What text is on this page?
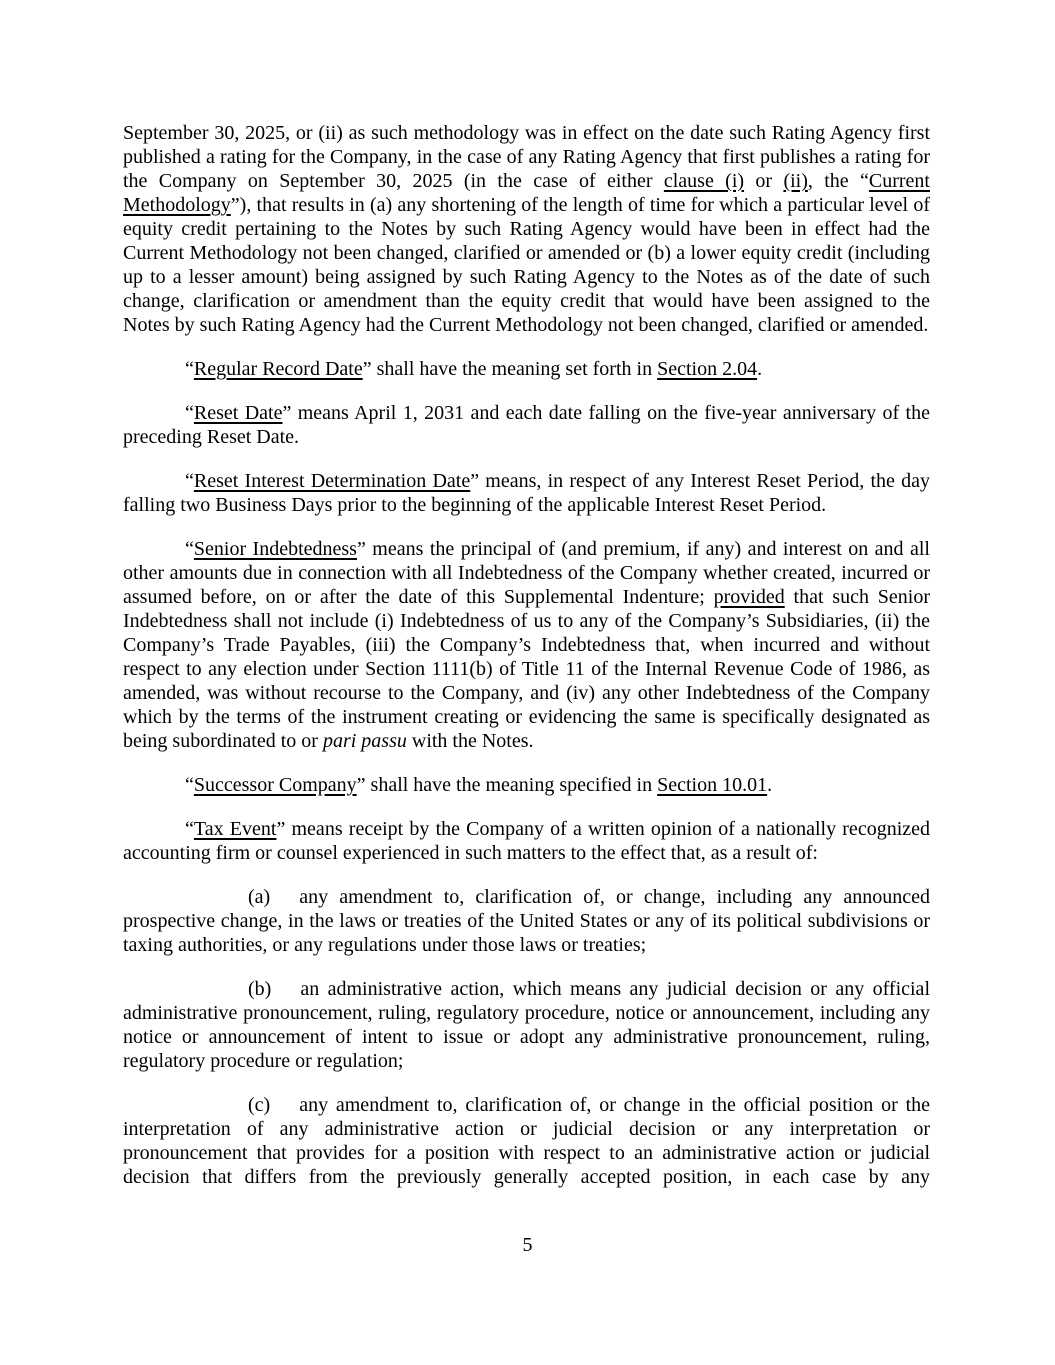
September 30, 2025, or (ii) as such methodology was in effect on the date such Rating Agency first published a rating for the Company, in the case of any Rating Agency that first publishes a rating for the Company on September 30, 2025 (in the case of either clause (i) or (ii), the “Current Methodology”), that results in (a) any shortening of the length of time for which a particular level of equity credit pertaining to the Notes by such Rating Agency would have been in effect had the Current Methodology not been changed, clarified or amended or (b) a lower equity credit (including up to a lesser amount) being assigned by such Rating Agency to the Notes as of the date of such change, clarification or amendment than the equity credit that would have been assigned to the Notes by such Rating Agency had the Current Methodology not been changed, clarified or amended.

“Regular Record Date” shall have the meaning set forth in Section 2.04.

“Reset Date” means April 1, 2031 and each date falling on the five-year anniversary of the preceding Reset Date.

“Reset Interest Determination Date” means, in respect of any Interest Reset Period, the day falling two Business Days prior to the beginning of the applicable Interest Reset Period.

“Senior Indebtedness” means the principal of (and premium, if any) and interest on and all other amounts due in connection with all Indebtedness of the Company whether created, incurred or assumed before, on or after the date of this Supplemental Indenture; provided that such Senior Indebtedness shall not include (i) Indebtedness of us to any of the Company’s Subsidiaries, (ii) the Company’s Trade Payables, (iii) the Company’s Indebtedness that, when incurred and without respect to any election under Section 1111(b) of Title 11 of the Internal Revenue Code of 1986, as amended, was without recourse to the Company, and (iv) any other Indebtedness of the Company which by the terms of the instrument creating or evidencing the same is specifically designated as being subordinated to or pari passu with the Notes.

“Successor Company” shall have the meaning specified in Section 10.01.

“Tax Event” means receipt by the Company of a written opinion of a nationally recognized accounting firm or counsel experienced in such matters to the effect that, as a result of:

(a) any amendment to, clarification of, or change, including any announced prospective change, in the laws or treaties of the United States or any of its political subdivisions or taxing authorities, or any regulations under those laws or treaties;

(b) an administrative action, which means any judicial decision or any official administrative pronouncement, ruling, regulatory procedure, notice or announcement, including any notice or announcement of intent to issue or adopt any administrative pronouncement, ruling, regulatory procedure or regulation;

(c) any amendment to, clarification of, or change in the official position or the interpretation of any administrative action or judicial decision or any interpretation or pronouncement that provides for a position with respect to an administrative action or judicial decision that differs from the previously generally accepted position, in each case by any

5
